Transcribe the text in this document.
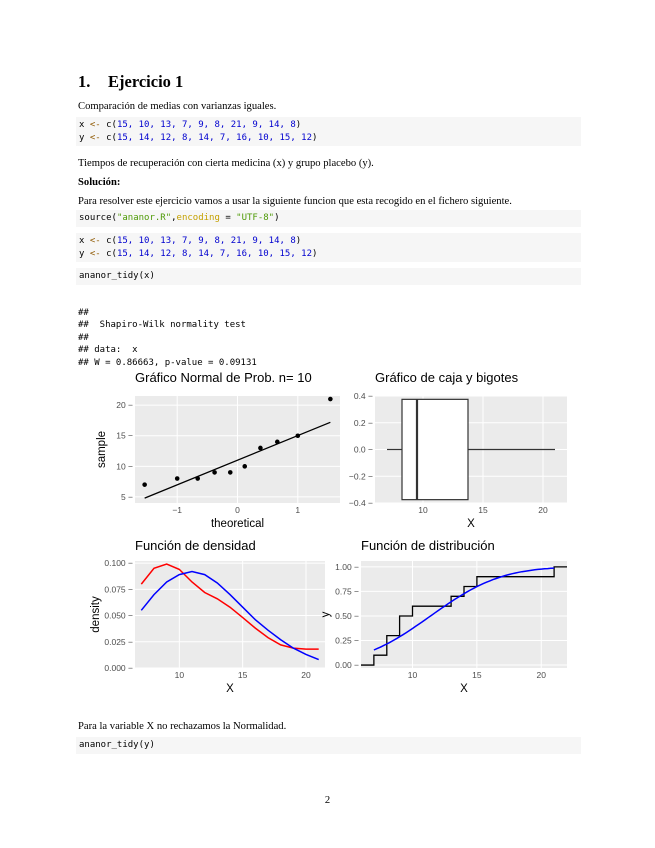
1. Ejercicio 1
Comparación de medias con varianzas iguales.
x <- c(15, 10, 13, 7, 9, 8, 21, 9, 14, 8)
y <- c(15, 14, 12, 8, 14, 7, 16, 10, 15, 12)
Tiempos de recuperación con cierta medicina (x) y grupo placebo (y).
Solución:
Para resolver este ejercicio vamos a usar la siguiente funcion que esta recogido en el fichero siguiente.
source("ananor.R",encoding = "UTF-8")
x <- c(15, 10, 13, 7, 9, 8, 21, 9, 14, 8)
y <- c(15, 14, 12, 8, 14, 7, 16, 10, 15, 12)
ananor_tidy(x)

##
##  Shapiro-Wilk normality test
##
## data:  x
## W = 0.86663, p-value = 0.09131

−1	0	1
5 −
10 −
15 −
20 −
Gráfico Normal de Prob. n= 10
theoretical
sample
10	15	20
0.4 −
0.2 −
0.0 −
−0.2 −
−0.4 −
Gráfico de caja y bigotes
X
10	15	20
0.100 −
0.075 −
0.050 −
0.025 −
0.000 −
Función de densidad
X
density
10	15	20
1.00 −
0.75 −
0.50 −
0.25 −
0.00 −
Función de distribución
X
y
Para la variable X no rechazamos la Normalidad.
ananor_tidy(y)
2
